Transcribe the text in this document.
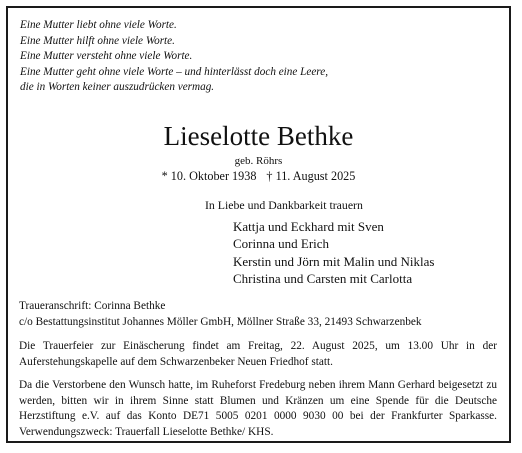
Eine Mutter liebt ohne viele Worte.
Eine Mutter hilft ohne viele Worte.
Eine Mutter versteht ohne viele Worte.
Eine Mutter geht ohne viele Worte – und hinterlässt doch eine Leere,
die in Worten keiner auszudrücken vermag.
Lieselotte Bethke
geb. Röhrs
* 10. Oktober 1938 † 11. August 2025
In Liebe und Dankbarkeit trauern
Kattja und Eckhard mit Sven
Corinna und Erich
Kerstin und Jörn mit Malin und Niklas
Christina und Carsten mit Carlotta
Traueranschrift: Corinna Bethke
c/o Bestattungsinstitut Johannes Möller GmbH, Möllner Straße 33, 21493 Schwarzenbek
Die Trauerfeier zur Einäscherung findet am Freitag, 22. August 2025, um 13.00 Uhr in der Auferstehungskapelle auf dem Schwarzenbeker Neuen Friedhof statt.
Da die Verstorbene den Wunsch hatte, im Ruheforst Fredeburg neben ihrem Mann Gerhard beigesetzt zu werden, bitten wir in ihrem Sinne statt Blumen und Kränzen um eine Spende für die Deutsche Herzstiftung e.V. auf das Konto DE71 5005 0201 0000 9030 00 bei der Frankfurter Sparkasse. Verwendungszweck: Trauerfall Lieselotte Bethke/ KHS.
